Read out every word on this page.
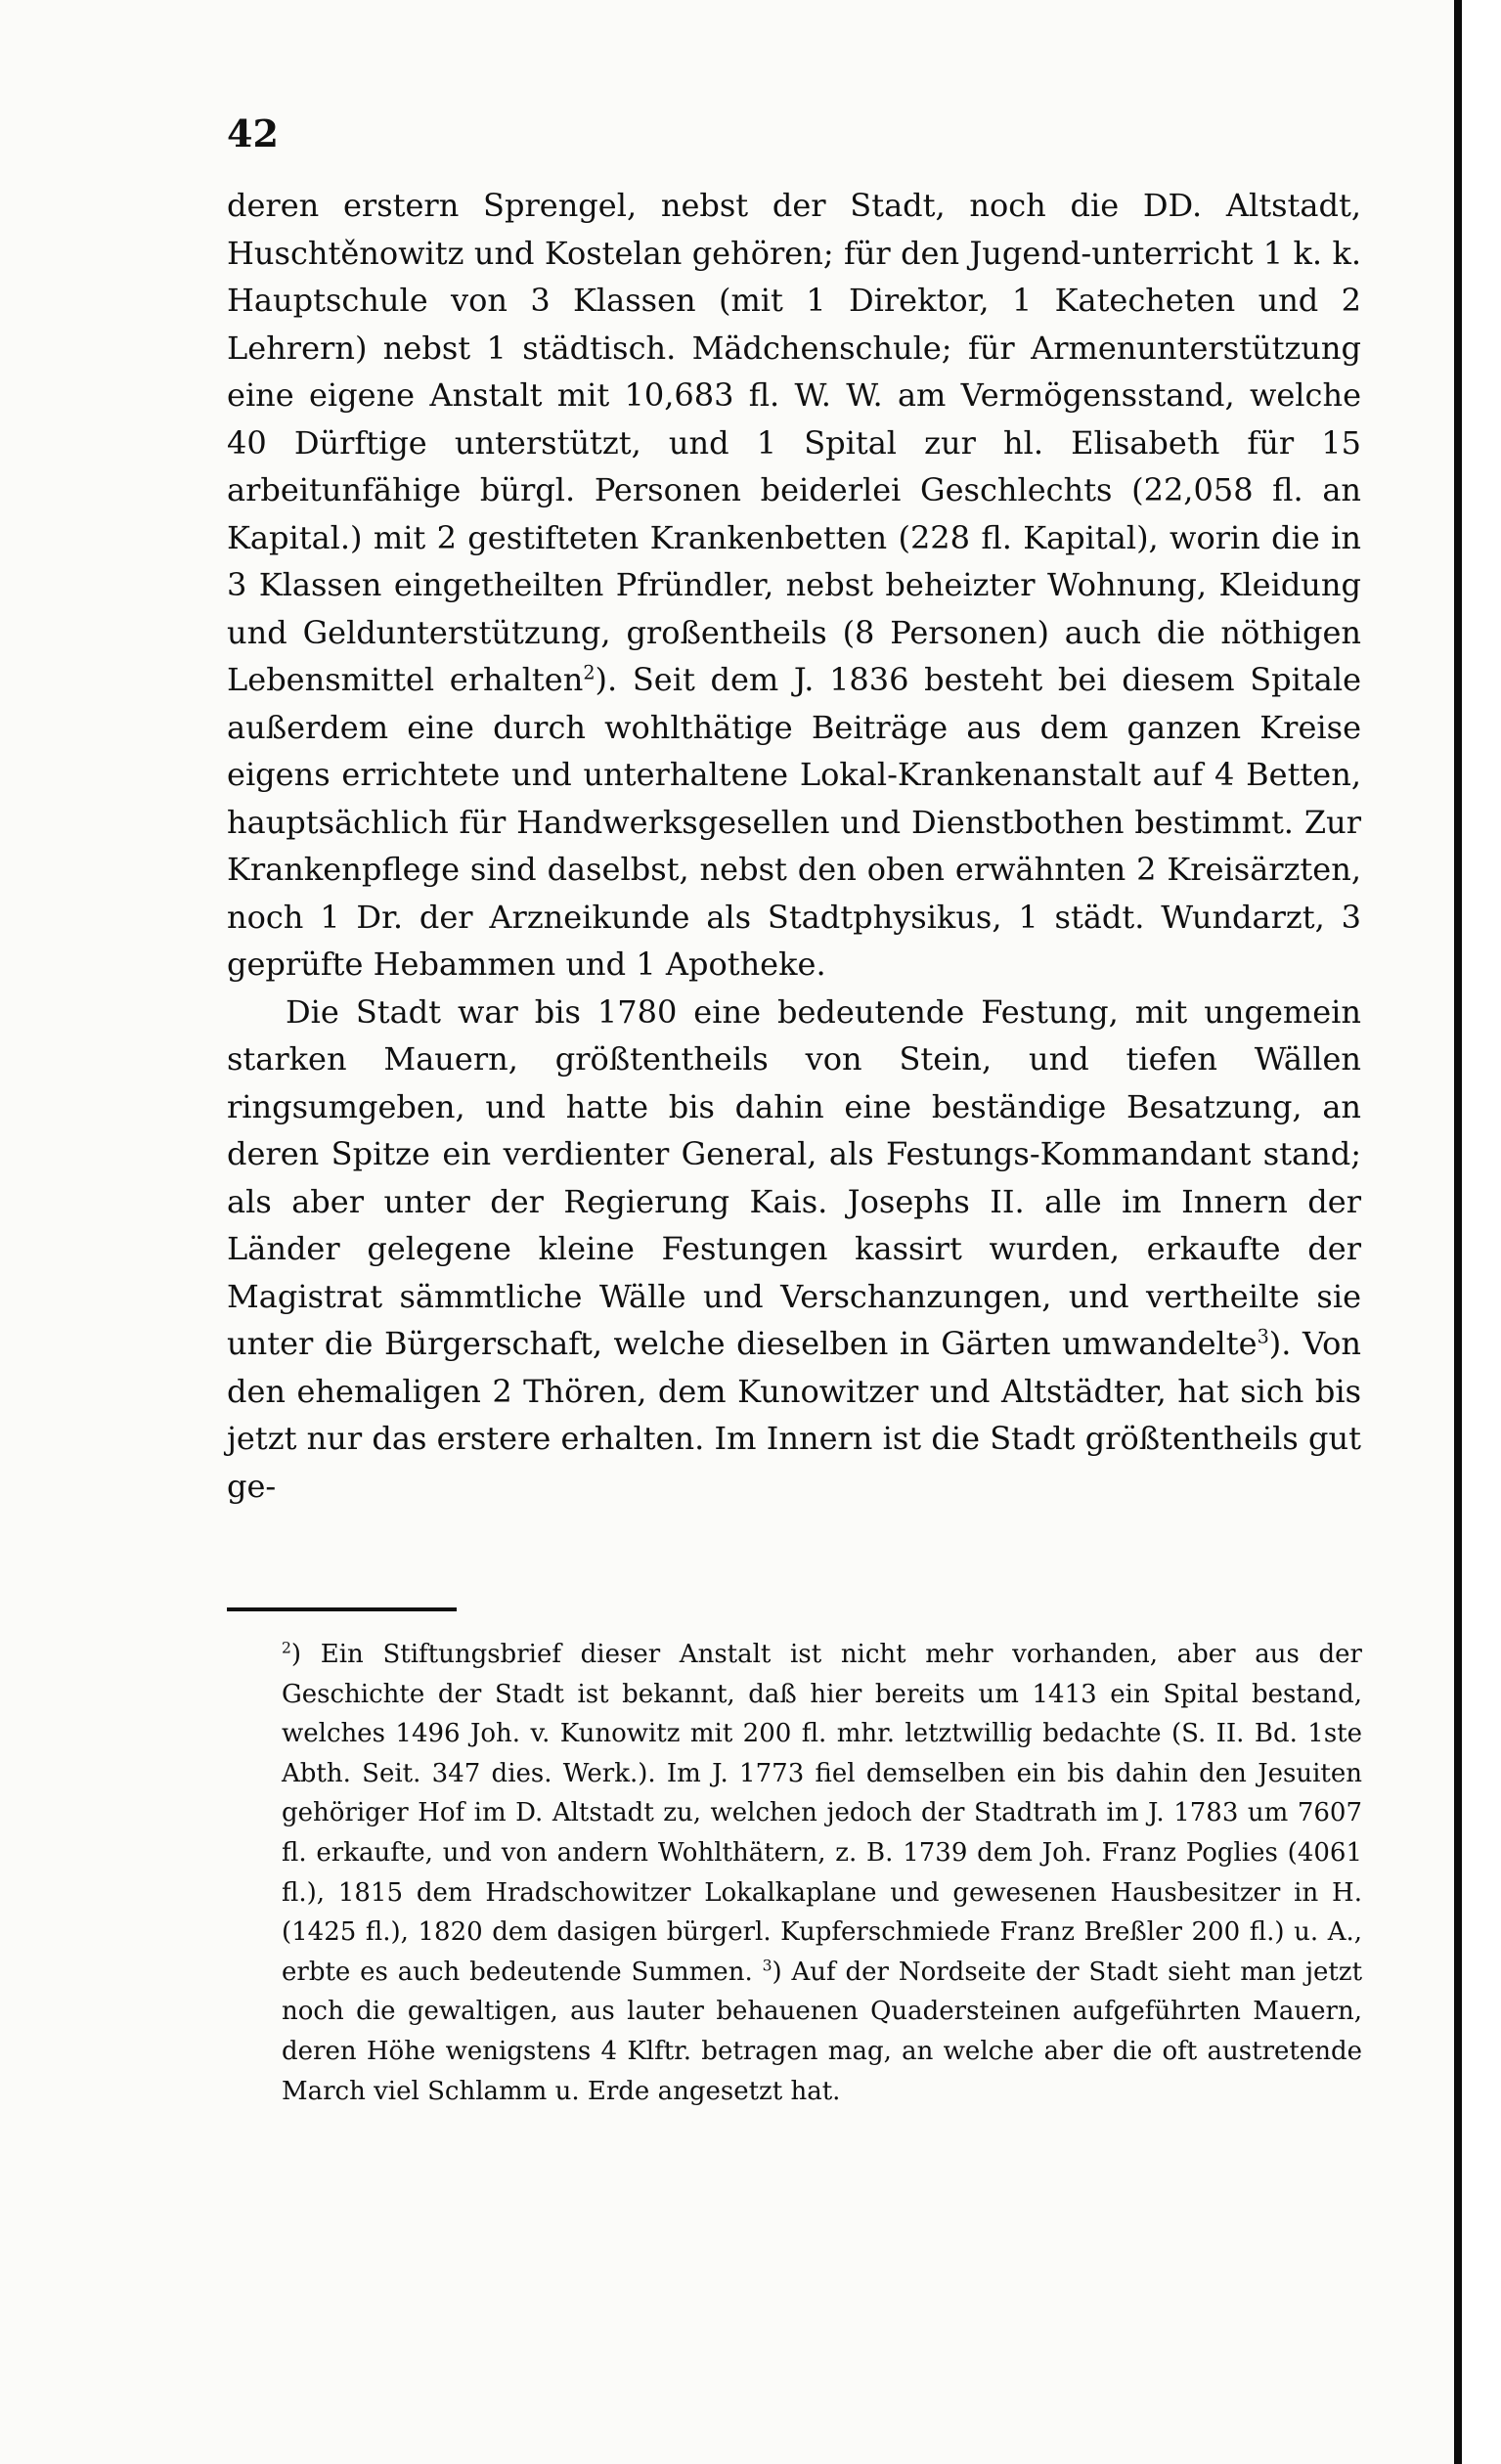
42

deren erstern Sprengel, nebst der Stadt, noch die DD. Altstadt, Huschtěnowitz und Kostelan gehören; für den Jugend-unterricht 1 k. k. Hauptschule von 3 Klassen (mit 1 Direktor, 1 Katecheten und 2 Lehrern) nebst 1 städtisch. Mädchenschule; für Armenunterstützung eine eigene Anstalt mit 10,683 fl. W. W. am Vermögensstand, welche 40 Dürftige unterstützt, und 1 Spital zur hl. Elisabeth für 15 arbeitunfähige bürgl. Personen beiderlei Geschlechts (22,058 fl. an Kapital.) mit 2 gestifteten Krankenbetten (228 fl. Kapital), worin die in 3 Klassen eingetheilten Pfründler, nebst beheizter Wohnung, Kleidung und Geldunterstützung, großentheils (8 Personen) auch die nöthigen Lebensmittel erhalten$^2$). Seit dem J. 1836 besteht bei diesem Spitale außerdem eine durch wohlthätige Beiträge aus dem ganzen Kreise eigens errichtete und unterhaltene Lokal-Krankenanstalt auf 4 Betten, hauptsächlich für Handwerksgesellen und Dienstbothen bestimmt. Zur Krankenpflege sind daselbst, nebst den oben erwähnten 2 Kreisärzten, noch 1 Dr. der Arzneikunde als Stadtphysikus, 1 städt. Wundarzt, 3 geprüfte Hebammen und 1 Apotheke.

Die Stadt war bis 1780 eine bedeutende Festung, mit ungemein starken Mauern, größtentheils von Stein, und tiefen Wällen ringsumgeben, und hatte bis dahin eine beständige Besatzung, an deren Spitze ein verdienter General, als Festungs-Kommandant stand; als aber unter der Regierung Kais. Josephs II. alle im Innern der Länder gelegene kleine Festungen kassirt wurden, erkaufte der Magistrat sämmtliche Wälle und Verschanzungen, und vertheilte sie unter die Bürgerschaft, welche dieselben in Gärten umwandelte$^3$). Von den ehemaligen 2 Thören, dem Kunowitzer und Altstädter, hat sich bis jetzt nur das erstere erhalten. Im Innern ist die Stadt größtentheils gut ge-

$^2$) Ein Stiftungsbrief dieser Anstalt ist nicht mehr vorhanden, aber aus der Geschichte der Stadt ist bekannt, daß hier bereits um 1413 ein Spital bestand, welches 1496 Joh. v. Kunowitz mit 200 fl. mhr. letztwillig bedachte (S. II. Bd. 1ste Abth. Seit. 347 dies. Werk.). Im J. 1773 fiel demselben ein bis dahin den Jesuiten gehöriger Hof im D. Altstadt zu, welchen jedoch der Stadtrath im J. 1783 um 7607 fl. erkaufte, und von andern Wohlthätern, z. B. 1739 dem Joh. Franz Poglies (4061 fl.), 1815 dem Hradschowitzer Lokalkaplane und gewesenen Hausbesitzer in H. (1425 fl.), 1820 dem dasigen bürgerl. Kupferschmiede Franz Breßler 200 fl.) u. A., erbte es auch bedeutende Summen. $^3$) Auf der Nordseite der Stadt sieht man jetzt noch die gewaltigen, aus lauter behauenen Quadersteinen aufgeführten Mauern, deren Höhe wenigstens 4 Klftr. betragen mag, an welche aber die oft austretende March viel Schlamm u. Erde angesetzt hat.
